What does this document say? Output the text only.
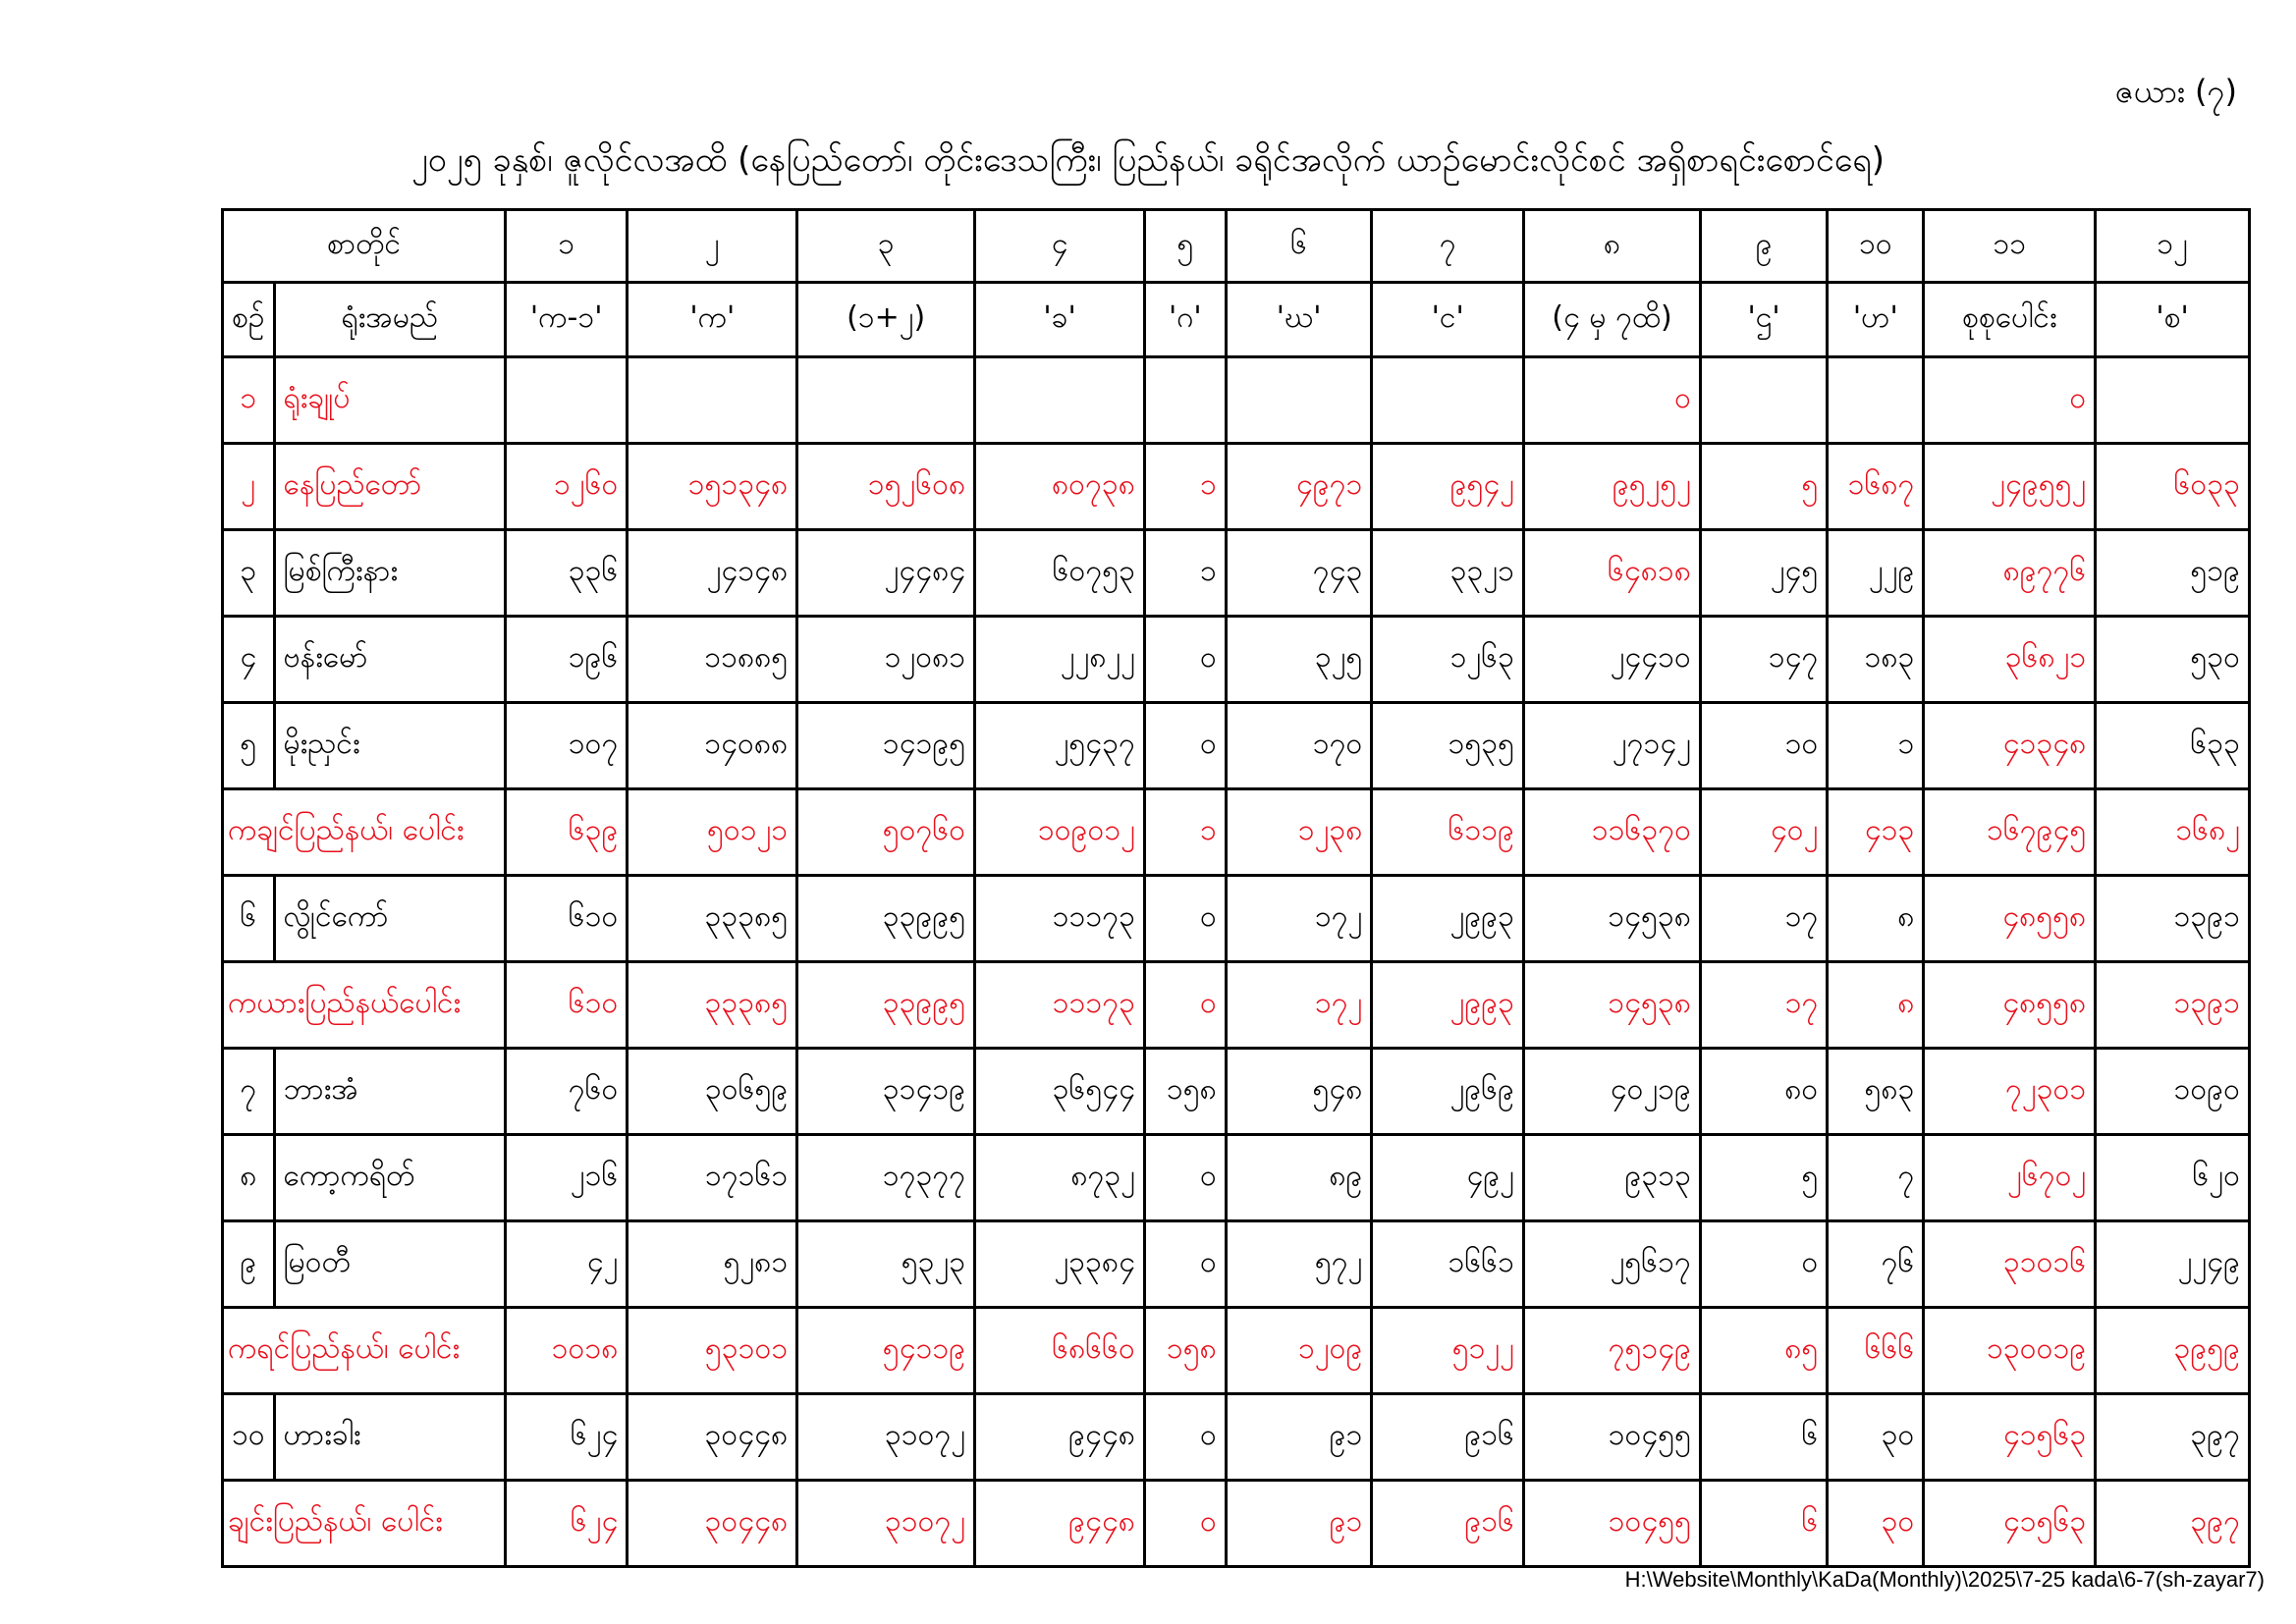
ဇယား (၇)
၂၀၂၅ ခုနှစ်၊ ဇူလိုင်လအထိ (နေပြည်တော်၊ တိုင်းဒေသကြီး၊ ပြည်နယ်၊ ခရိုင်အလိုက် ယာဉ်မောင်းလိုင်စင် အရှိစာရင်းစောင်ရေ)
စာတိုင်		၁	၂	၃	၄	၅	၆	၇	၈	၉	၁၀	၁၁	၁၂
စဉ်	ရုံးအမည်	'က-၁'	'က'	(၁+၂)	'ခ'	'ဂ'	'ဃ'	'င'	(၄ မှ ၇ထိ)	'ဌ'	'ဟ'	စုစုပေါင်း	'စ'
၁	ရုံးချုပ်								၀			၀	
၂	နေပြည်တော်	၁၂၆၀	၁၅၁၃၄၈	၁၅၂၆၀၈	၈၀၇၃၈	၁	၄၉၇၁	၉၅၄၂	၉၅၂၅၂	၅	၁၆၈၇	၂၄၉၅၅၂	၆၀၃၃
၃	မြစ်ကြီးနား	၃၃၆	၂၄၁၄၈	၂၄၄၈၄	၆၀၇၅၃	၁	၇၄၃	၃၃၂၁	၆၄၈၁၈	၂၄၅	၂၂၉	၈၉၇၇၆	၅၁၉
၄	ဗန်းမော်	၁၉၆	၁၁၈၈၅	၁၂၀၈၁	၂၂၈၂၂	၀	၃၂၅	၁၂၆၃	၂၄၄၁၀	၁၄၇	၁၈၃	၃၆၈၂၁	၅၃၀
၅	မိုးညှင်း	၁၀၇	၁၄၀၈၈	၁၄၁၉၅	၂၅၄၃၇	၀	၁၇၀	၁၅၃၅	၂၇၁၄၂	၁၀	၁	၄၁၃၄၈	၆၃၃
ကချင်ပြည်နယ်၊ ပေါင်း		၆၃၉	၅၀၁၂၁	၅၀၇၆၀	၁၀၉၀၁၂	၁	၁၂၃၈	၆၁၁၉	၁၁၆၃၇၀	၄၀၂	၄၁၃	၁၆၇၉၄၅	၁၆၈၂
၆	လွိုင်ကော်	၆၁၀	၃၃၃၈၅	၃၃၉၉၅	၁၁၁၇၃	၀	၁၇၂	၂၉၉၃	၁၄၅၃၈	၁၇	၈	၄၈၅၅၈	၁၃၉၁
ကယားပြည်နယ်ပေါင်း		၆၁၀	၃၃၃၈၅	၃၃၉၉၅	၁၁၁၇၃	၀	၁၇၂	၂၉၉၃	၁၄၅၃၈	၁၇	၈	၄၈၅၅၈	၁၃၉၁
၇	ဘားအံ	၇၆၀	၃၀၆၅၉	၃၁၄၁၉	၃၆၅၄၄	၁၅၈	၅၄၈	၂၉၆၉	၄၀၂၁၉	၈၀	၅၈၃	၇၂၃၀၁	၁၀၉၀
၈	ကော့ကရိတ်	၂၁၆	၁၇၁၆၁	၁၇၃၇၇	၈၇၃၂	၀	၈၉	၄၉၂	၉၃၁၃	၅	၇	၂၆၇၀၂	၆၂၀
၉	မြဝတီ	၄၂	၅၂၈၁	၅၃၂၃	၂၃၃၈၄	၀	၅၇၂	၁၆၆၁	၂၅၆၁၇	၀	၇၆	၃၁၀၁၆	၂၂၄၉
ကရင်ပြည်နယ်၊ ပေါင်း		၁၀၁၈	၅၃၁၀၁	၅၄၁၁၉	၆၈၆၆၀	၁၅၈	၁၂၀၉	၅၁၂၂	၇၅၁၄၉	၈၅	၆၆၆	၁၃၀၀၁၉	၃၉၅၉
၁၀	ဟားခါး	၆၂၄	၃၀၄၄၈	၃၁၀၇၂	၉၄၄၈	၀	၉၁	၉၁၆	၁၀၄၅၅	၆	၃၀	၄၁၅၆၃	၃၉၇
ချင်းပြည်နယ်၊ ပေါင်း		၆၂၄	၃၀၄၄၈	၃၁၀၇၂	၉၄၄၈	၀	၉၁	၉၁၆	၁၀၄၅၅	၆	၃၀	၄၁၅၆၃	၃၉၇
H:\Website\Monthly\KaDa(Monthly)\2025\7-25 kada\6-7(sh-zayar7)
